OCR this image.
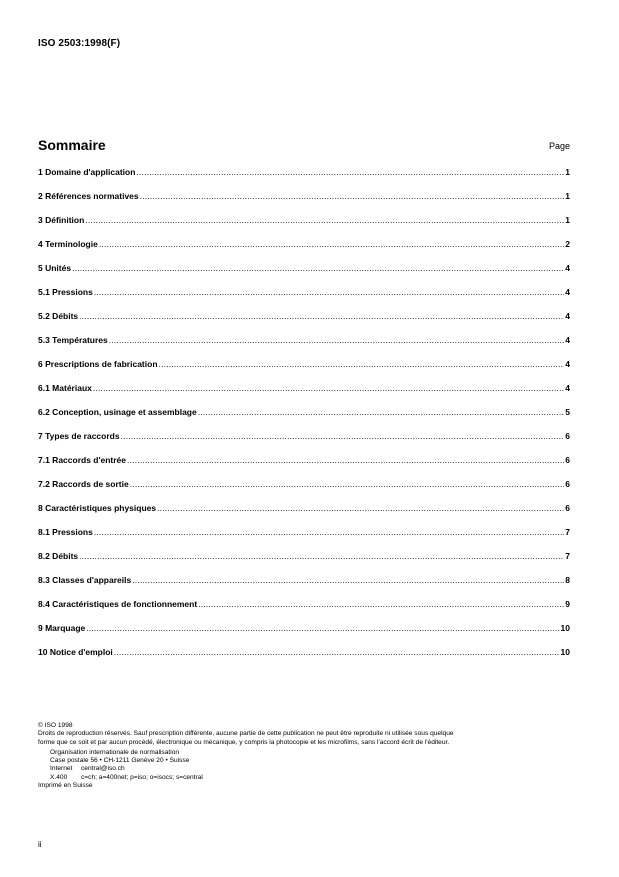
ISO 2503:1998(F)
Sommaire	Page
1 Domaine d'application .....	1
2 Références normatives .....	1
3 Définition .....	1
4 Terminologie .....	2
5 Unités .....	4
5.1 Pressions .....	4
5.2 Débits .....	4
5.3 Températures .....	4
6 Prescriptions de fabrication .....	4
6.1 Matériaux .....	4
6.2 Conception, usinage et assemblage .....	5
7 Types de raccords .....	6
7.1 Raccords d'entrée .....	6
7.2 Raccords de sortie .....	6
8 Caractéristiques physiques .....	6
8.1 Pressions .....	7
8.2 Débits .....	7
8.3 Classes d'appareils .....	8
8.4 Caractéristiques de fonctionnement .....	9
9 Marquage .....	10
10 Notice d'emploi .....	10
© ISO 1998
Droits de reproduction réservés. Sauf prescription différente, aucune partie de cette publication ne peut être reproduite ni utilisée sous quelque
forme que ce soit et par aucun procédé, électronique ou mécanique, y compris la photocopie et les microfilms, sans l'accord écrit de l'éditeur.
Organisation internationale de normalisation
Case postale 56 • CH-1211 Genève 20 • Suisse
Internet central@iso.ch
X.400 c=ch; a=400net; p=iso; o=isocs; s=central
Imprimé en Suisse
ii
